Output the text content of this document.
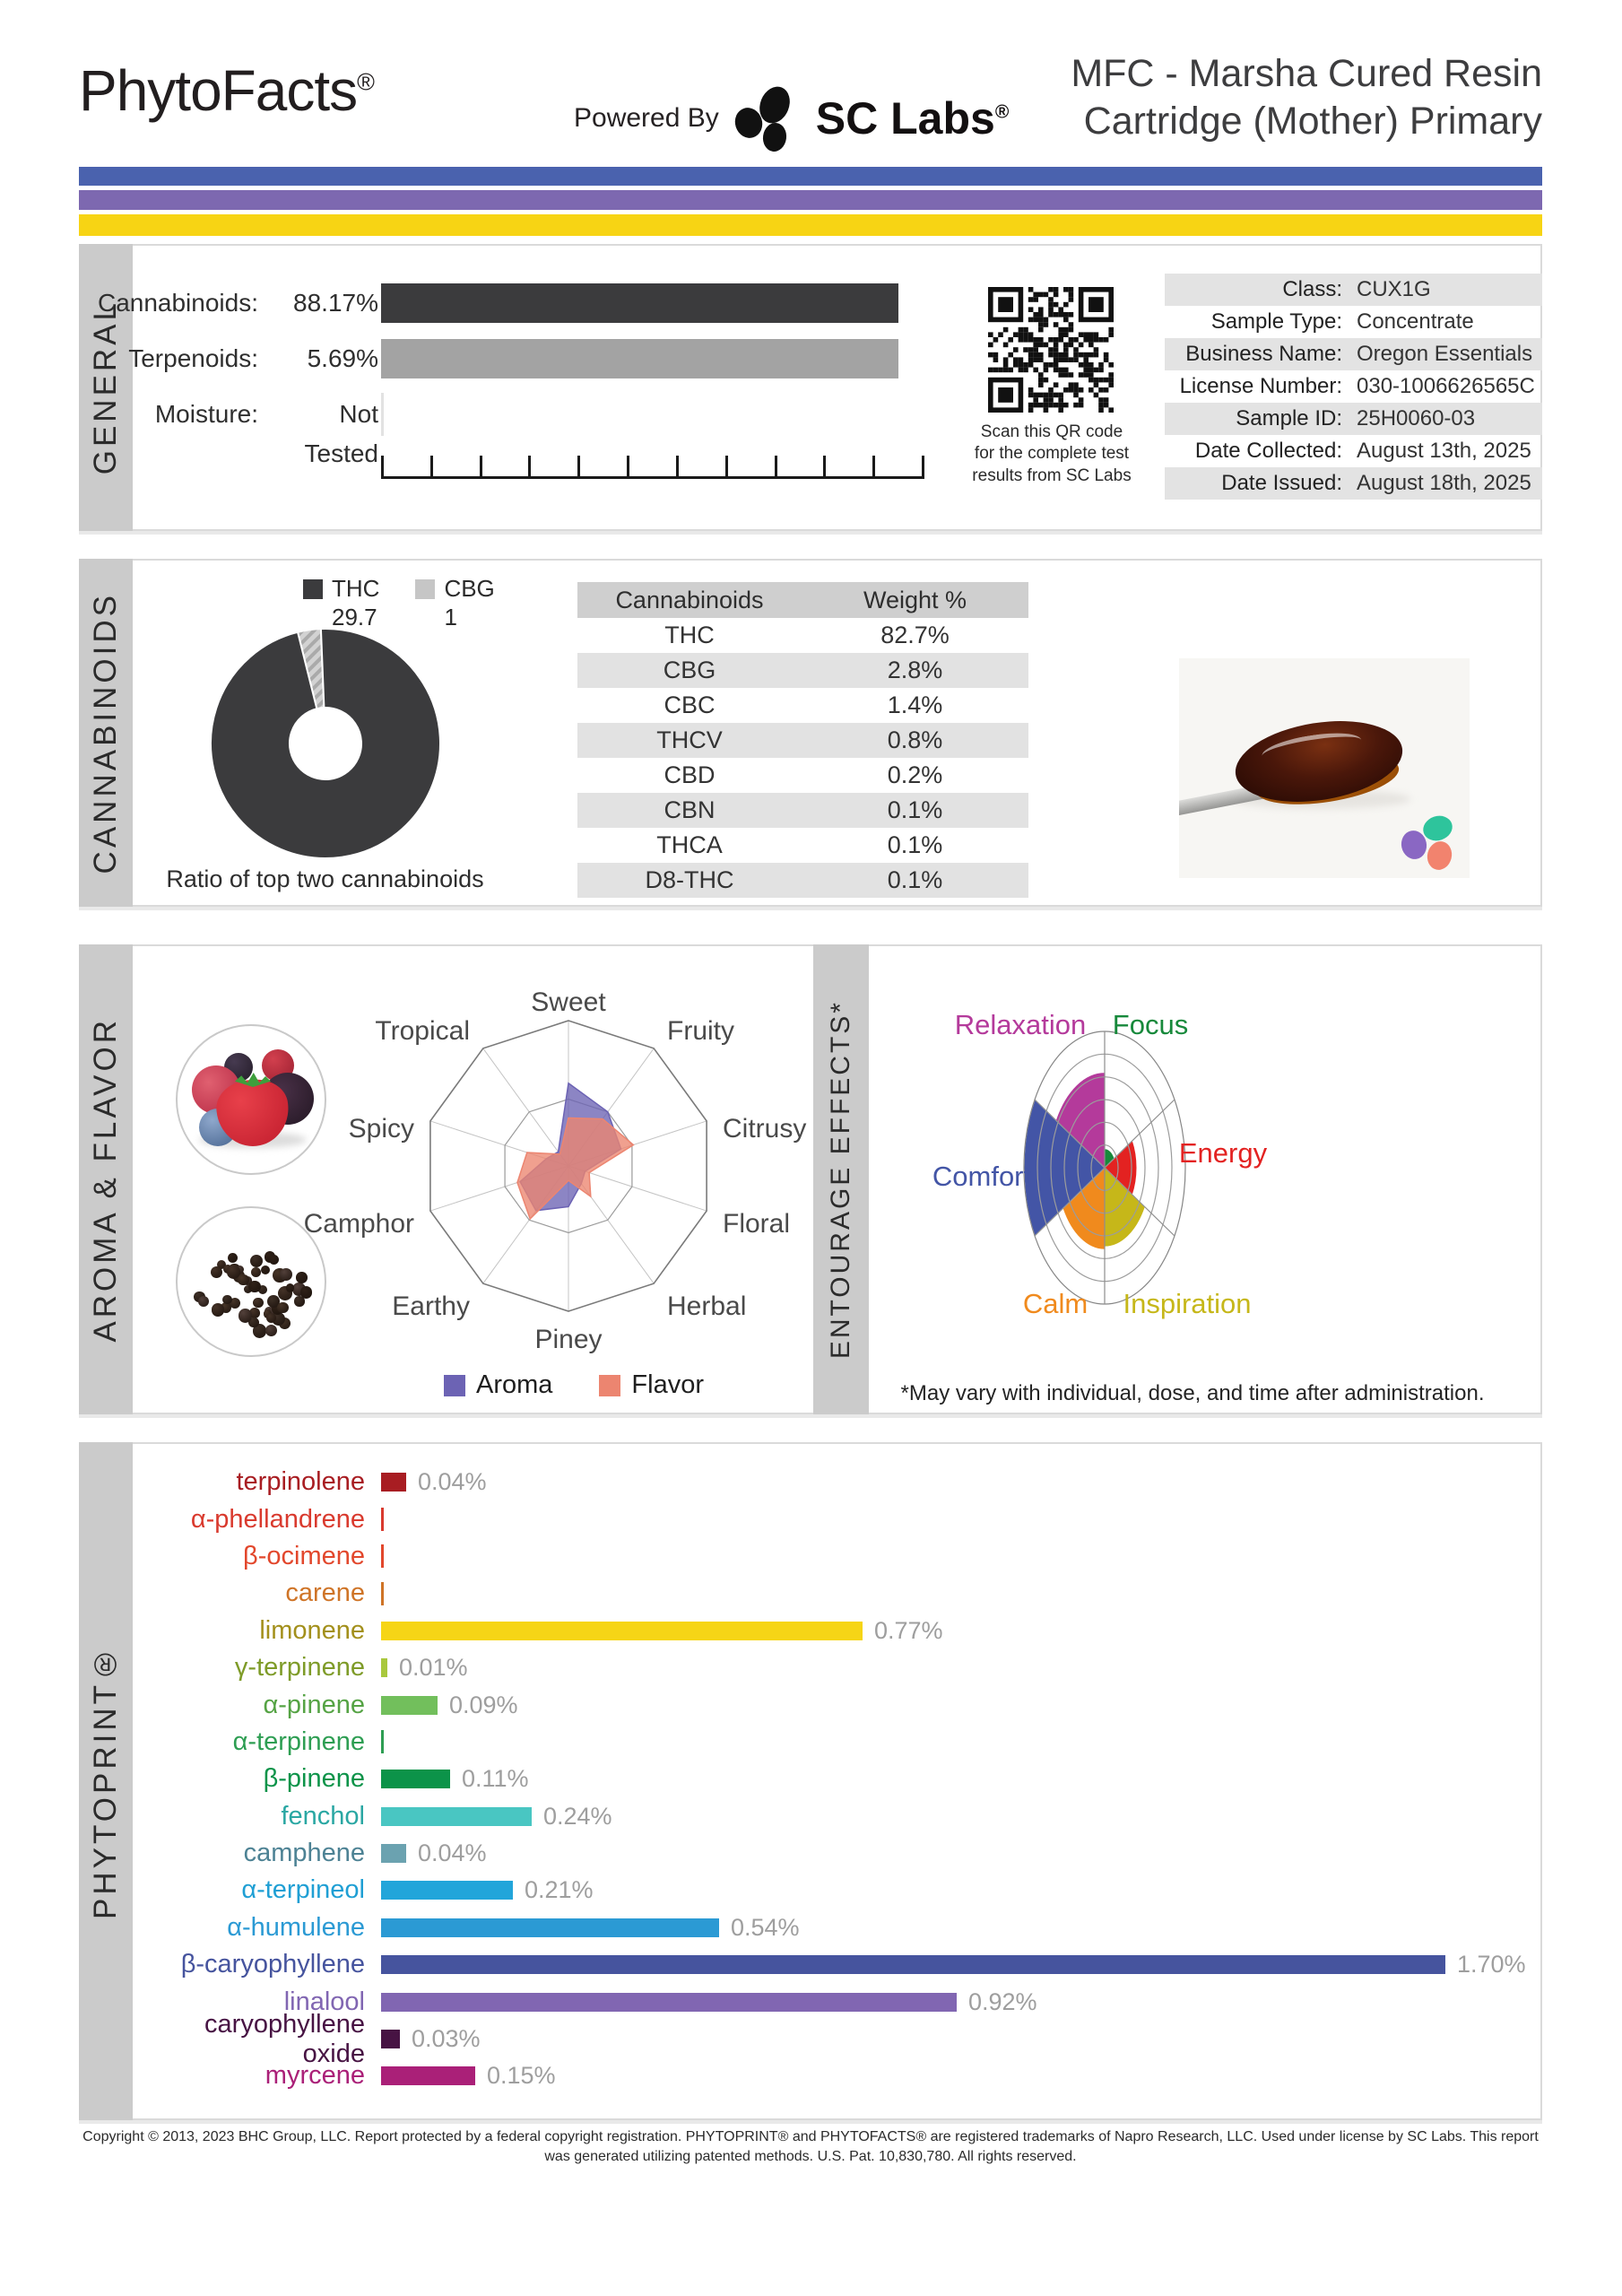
PhytoFacts®
Powered By SC Labs®
MFC - Marsha Cured Resin
Cartridge (Mother) Primary
GENERAL
Cannabinoids:	88.17%
Terpenoids:	5.69%
Moisture:	Not Tested
Scan this QR code
for the complete test
results from SC Labs
Class: CUX1G
Sample Type: Concentrate
Business Name: Oregon Essentials
License Number: 030-1006626565C
Sample ID: 25H0060-03
Date Collected: August 13th, 2025
Date Issued: August 18th, 2025
CANNABINOIDS
THC
29.7
CBG
1
Ratio of top two cannabinoids
Cannabinoids	Weight %
THC	82.7%
CBG	2.8%
CBC	1.4%
THCV	0.8%
CBD	0.2%
CBN	0.1%
THCA	0.1%
D8-THC	0.1%
AROMA & FLAVOR
Sweet
Fruity
Citrusy
Floral
Herbal
Piney
Earthy
Camphor
Spicy
Tropical
Aroma	Flavor
ENTOURAGE EFFECTS*	Focus
Energy
Inspiration
Calm
Comfort
Relaxation
*May vary with individual, dose, and time after administration.
PHYTOPRINT®
terpinolene 0.04%
α-phellandrene
β-ocimene
carene
limonene	0.77%
γ-terpinene 0.01%
α-pinene	0.09%
α-terpinene
β-pinene	0.11%
fenchol	0.24%
camphene 0.04%
α-terpineol	0.21%
α-humulene	0.54%
β-caryophyllene	1.70%
linalool	0.92%
caryophyllene oxide
0.03%
myrcene	0.15%
Copyright © 2013, 2023 BHC Group, LLC. Report protected by a federal copyright registration. PHYTOPRINT® and PHYTOFACTS® are registered trademarks of Napro Research, LLC. Used under license by SC Labs. This report
was generated utilizing patented methods. U.S. Pat. 10,830,780. All rights reserved.
